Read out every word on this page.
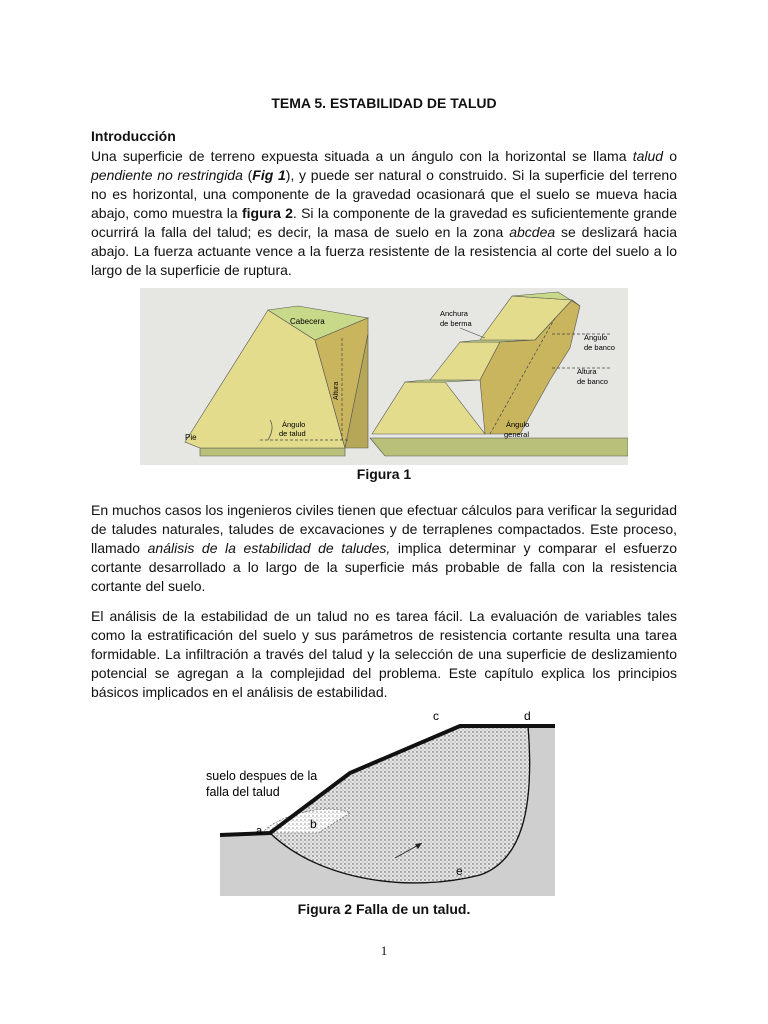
TEMA 5. ESTABILIDAD DE TALUD
Introducción

Una superficie de terreno expuesta situada a un ángulo con la horizontal se llama talud o pendiente no restringida (Fig 1), y puede ser natural o construido. Si la superficie del terreno no es horizontal, una componente de la gravedad ocasionará que el suelo se mueva hacia abajo, como muestra la figura 2. Si la componente de la gravedad es suficientemente grande ocurrirá la falla del talud; es decir, la masa de suelo en la zona abcdea se deslizará hacia abajo. La fuerza actuante vence a la fuerza resistente de la resistencia al corte del suelo a lo largo de la superficie de ruptura.

Cabecera
Altura
Ángulo
de talud
Pie
Anchura
de berma
Ángulo
de banco
Altura
de banco
Ángulo
general

Figura 1

En muchos casos los ingenieros civiles tienen que efectuar cálculos para verificar la seguridad de taludes naturales, taludes de excavaciones y de terraplenes compactados. Este proceso, llamado análisis de la estabilidad de taludes, implica determinar y comparar el esfuerzo cortante desarrollado a lo largo de la superficie más probable de falla con la resistencia cortante del suelo.

El análisis de la estabilidad de un talud no es tarea fácil. La evaluación de variables tales como la estratificación del suelo y sus parámetros de resistencia cortante resulta una tarea formidable. La infiltración a través del talud y la selección de una superficie de deslizamiento potencial se agregan a la complejidad del problema. Este capítulo explica los principios básicos implicados en el análisis de estabilidad.

suelo despues de la
falla del talud
a	b
c	d
e

Figura 2 Falla de un talud.

1
